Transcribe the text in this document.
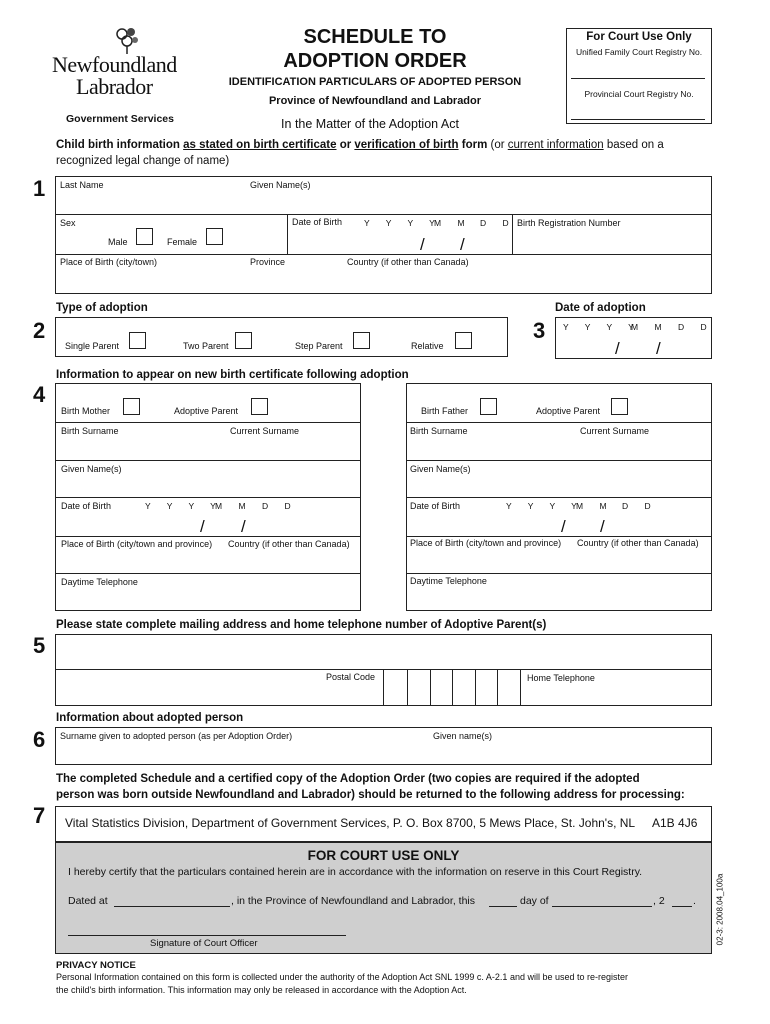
Newfoundland
Labrador
Government Services
SCHEDULE TO
ADOPTION ORDER
IDENTIFICATION PARTICULARS OF ADOPTED PERSON
Province of Newfoundland and Labrador
In the Matter of the Adoption Act
For Court Use Only
Unified Family Court Registry No.
Provincial Court Registry No.
Child birth information as stated on birth certificate or verification of birth form (or current information based on a
recognized legal change of name)
1 Last Name	Given Name(s)
Sex
Male	Female
Date of Birth	Y Y Y Y
M M D D
/ /
Birth Registration Number
Place of Birth (city/town)	Province	Country (if other than Canada)
Type of adoption
2
Single Parent	Two Parent	Step Parent	Relative
Date of adoption
3 Y Y Y Y
M M D D
/ /
Information to appear on new birth certificate following adoption
4
Birth Mother	Adoptive Parent
Birth Surname	Current Surname
Given Name(s)
Date of Birth	Y Y Y Y
M M D D
/ /
Place of Birth (city/town and province) Country (if other than Canada)
Daytime Telephone
Birth Father	Adoptive Parent
Birth Surname	Current Surname
Given Name(s)
Date of Birth	Y Y Y Y
M M D D
/ /
Place of Birth (city/town and province) Country (if other than Canada)
Daytime Telephone
Please state complete mailing address and home telephone number of Adoptive Parent(s)
5
Postal Code	Home Telephone
Information about adopted person
6 Surname given to adopted person (as per Adoption Order)	Given name(s)
The completed Schedule and a certified copy of the Adoption Order (two copies are required if the adopted
person was born outside Newfoundland and Labrador) should be returned to the following address for processing:
7 Vital Statistics Division, Department of Government Services, P. O. Box 8700, 5 Mews Place, St. John's, NL A1B 4J6
FOR COURT USE ONLY
I hereby certify that the particulars contained herein are in accordance with the information on reserve in this Court Registry.
Dated at	, in the Province of Newfoundland and Labrador, this	day of	, 2	.
Signature of Court Officer	02-3: 2008.04_100a
PRIVACY NOTICE
Personal Information contained on this form is collected under the authority of the Adoption Act SNL 1999 c. A-2.1 and will be used to re-register
the child's birth information. This information may only be released in accordance with the Adoption Act.
